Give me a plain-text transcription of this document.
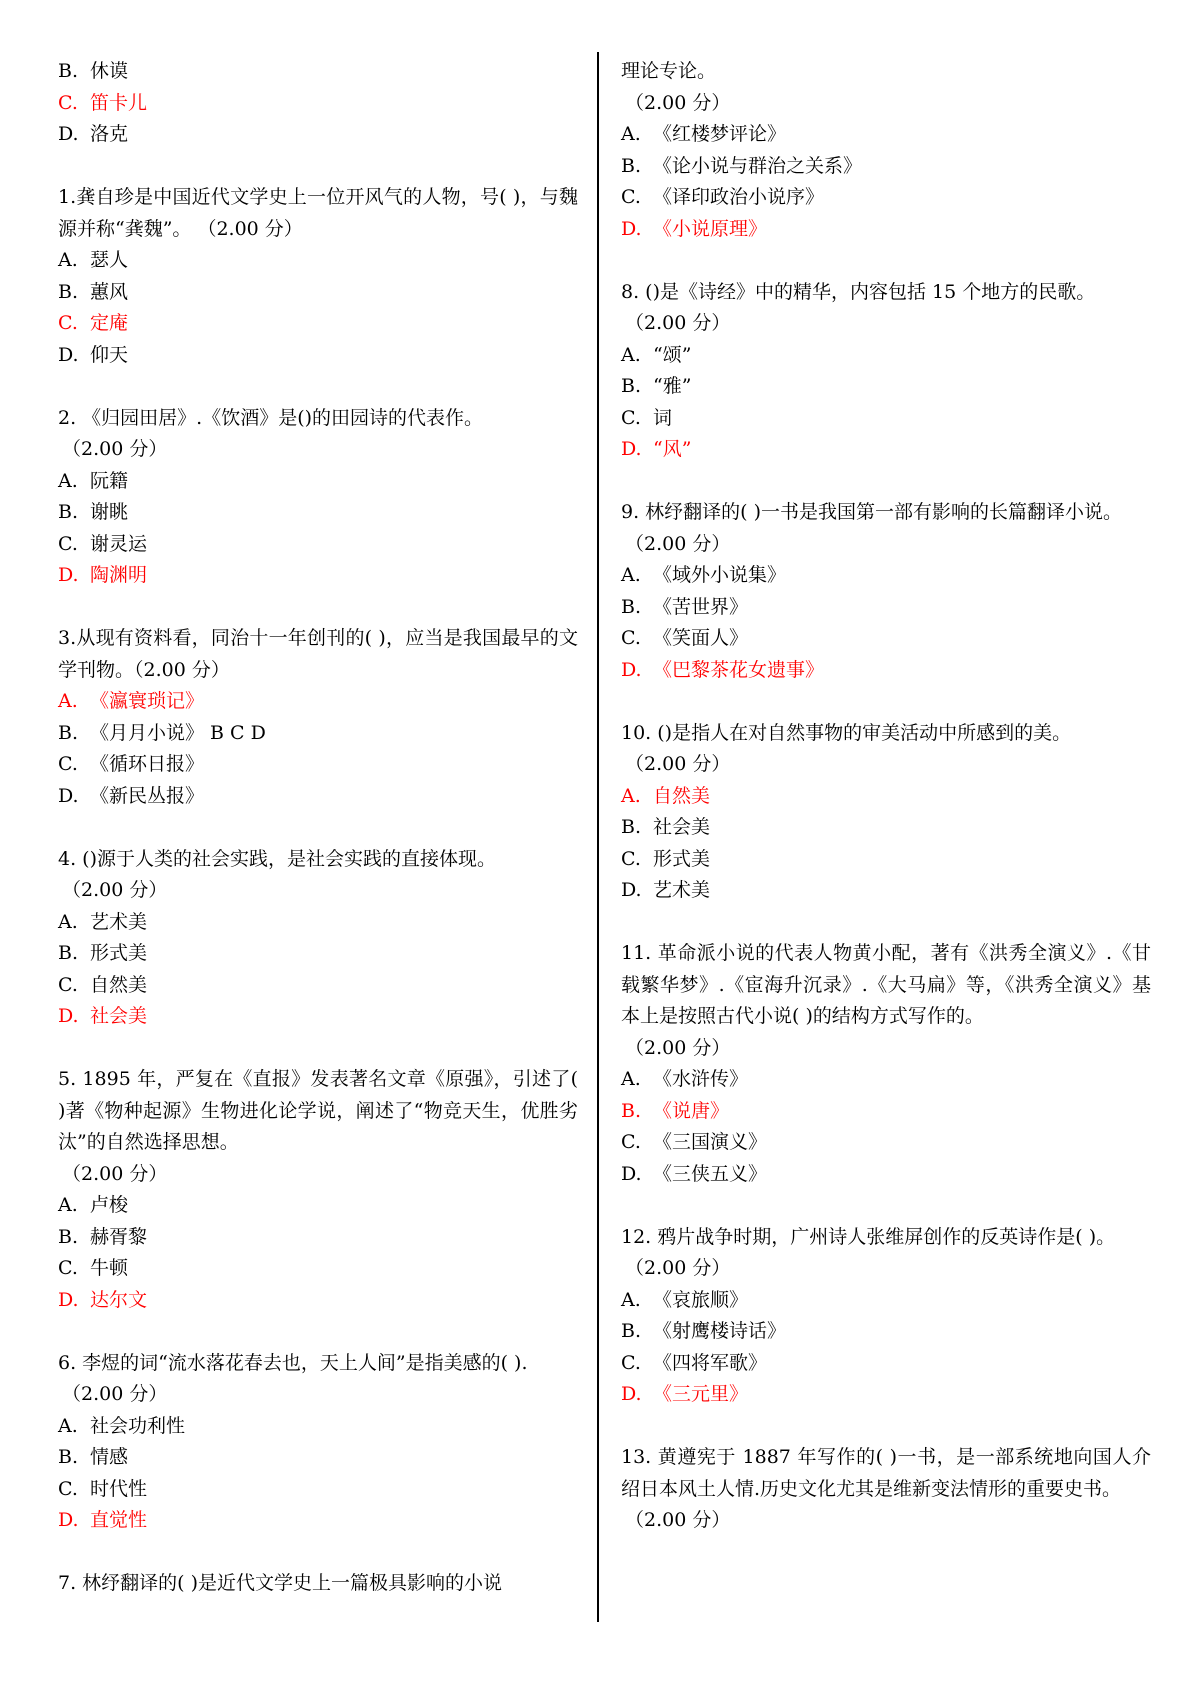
B. 休谟
C. 笛卡儿
D. 洛克
1.龚自珍是中国近代文学史上一位开风气的人物，号( )，与魏源并称“龚魏”。 （2.00 分）
A. 瑟人
B. 蕙风
C. 定庵
D. 仰天
2. 《归园田居》.《饮酒》是()的田园诗的代表作。
（2.00 分）
A. 阮籍
B. 谢眺
C. 谢灵运
D. 陶渊明
3.从现有资料看，同治十一年创刊的( )，应当是我国最早的文学刊物。（2.00 分）
A. 《瀛寰琐记》
B. 《月月小说》 B C D
C. 《循环日报》
D. 《新民丛报》
4. ()源于人类的社会实践，是社会实践的直接体现。
（2.00 分）
A. 艺术美
B. 形式美
C. 自然美
D. 社会美
5. 1895 年，严复在《直报》发表著名文章《原强》，引述了( )著《物种起源》生物进化论学说，阐述了“物竞天生，优胜劣汰”的自然选择思想。
（2.00 分）
A. 卢梭
B. 赫胥黎
C. 牛顿
D. 达尔文
6. 李煜的词“流水落花春去也，天上人间”是指美感的( ).
（2.00 分）
A. 社会功利性
B. 情感
C. 时代性
D. 直觉性
7. 林纾翻译的( )是近代文学史上一篇极具影响的小说
理论专论。
（2.00 分）
A. 《红楼梦评论》
B. 《论小说与群治之关系》
C. 《译印政治小说序》
D. 《小说原理》
8. ()是《诗经》中的精华，内容包括 15 个地方的民歌。
（2.00 分）
A. “颂”
B. “雅”
C. 词
D. “风”
9. 林纾翻译的( )一书是我国第一部有影响的长篇翻译小说。
（2.00 分）
A. 《域外小说集》
B. 《苦世界》
C. 《笑面人》
D. 《巴黎茶花女遗事》
10. ()是指人在对自然事物的审美活动中所感到的美。
（2.00 分）
A. 自然美
B. 社会美
C. 形式美
D. 艺术美
11. 革命派小说的代表人物黄小配，著有《洪秀全演义》.《甘载繁华梦》.《宦海升沉录》.《大马扁》等，《洪秀全演义》基本上是按照古代小说( )的结构方式写作的。
（2.00 分）
A. 《水浒传》
B. 《说唐》
C. 《三国演义》
D. 《三侠五义》
12. 鸦片战争时期，广州诗人张维屏创作的反英诗作是( )。
（2.00 分）
A. 《哀旅顺》
B. 《射鹰楼诗话》
C. 《四将军歌》
D. 《三元里》
13. 黄遵宪于 1887 年写作的( )一书，是一部系统地向国人介绍日本风土人情.历史文化尤其是维新变法情形的重要史书。
（2.00 分）
